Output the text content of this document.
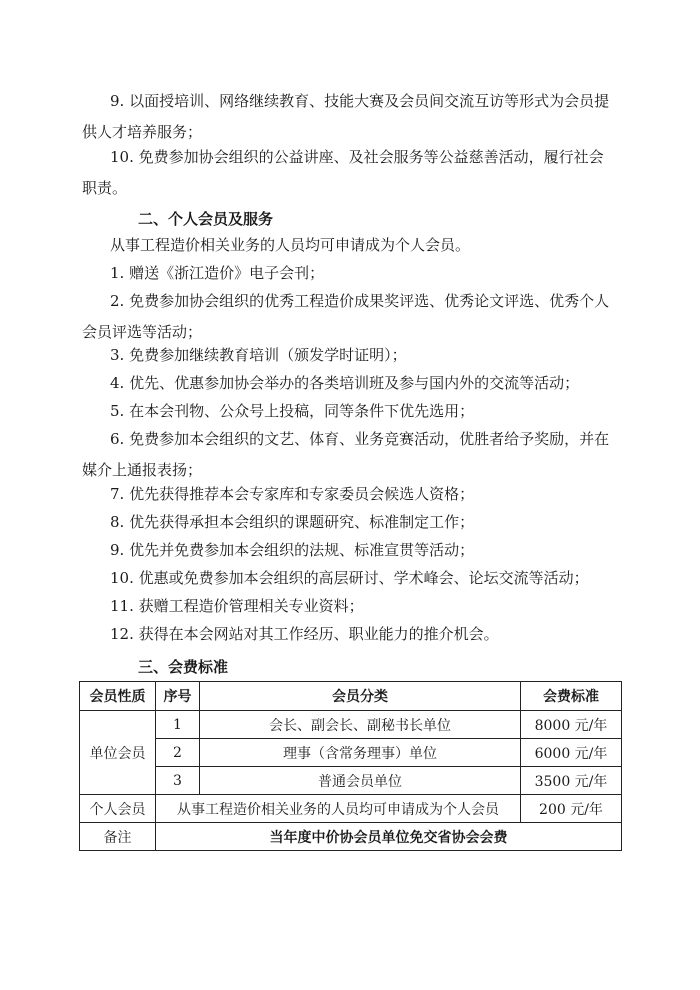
9. 以面授培训、网络继续教育、技能大赛及会员间交流互访等形式为会员提
供人才培养服务；
10. 免费参加协会组织的公益讲座、及社会服务等公益慈善活动，履行社会
职责。
二、个人会员及服务
从事工程造价相关业务的人员均可申请成为个人会员。
1. 赠送《浙江造价》电子会刊；
2. 免费参加协会组织的优秀工程造价成果奖评选、优秀论文评选、优秀个人
会员评选等活动；
3. 免费参加继续教育培训（颁发学时证明）；
4. 优先、优惠参加协会举办的各类培训班及参与国内外的交流等活动；
5. 在本会刊物、公众号上投稿，同等条件下优先选用；
6. 免费参加本会组织的文艺、体育、业务竞赛活动，优胜者给予奖励，并在
媒介上通报表扬；
7. 优先获得推荐本会专家库和专家委员会候选人资格；
8. 优先获得承担本会组织的课题研究、标准制定工作；
9. 优先并免费参加本会组织的法规、标准宣贯等活动；
10. 优惠或免费参加本会组织的高层研讨、学术峰会、论坛交流等活动；
11. 获赠工程造价管理相关专业资料；
12. 获得在本会网站对其工作经历、职业能力的推介机会。
三、会费标准
会员性质	序号	会员分类	会费标准
单位会员	1	会长、副会长、副秘书长单位	8000 元/年
	2	理事（含常务理事）单位	6000 元/年
	3	普通会员单位	3500 元/年
个人会员	从事工程造价相关业务的人员均可申请成为个人会员		200 元/年
备注	当年度中价协会员单位免交省协会会费		
